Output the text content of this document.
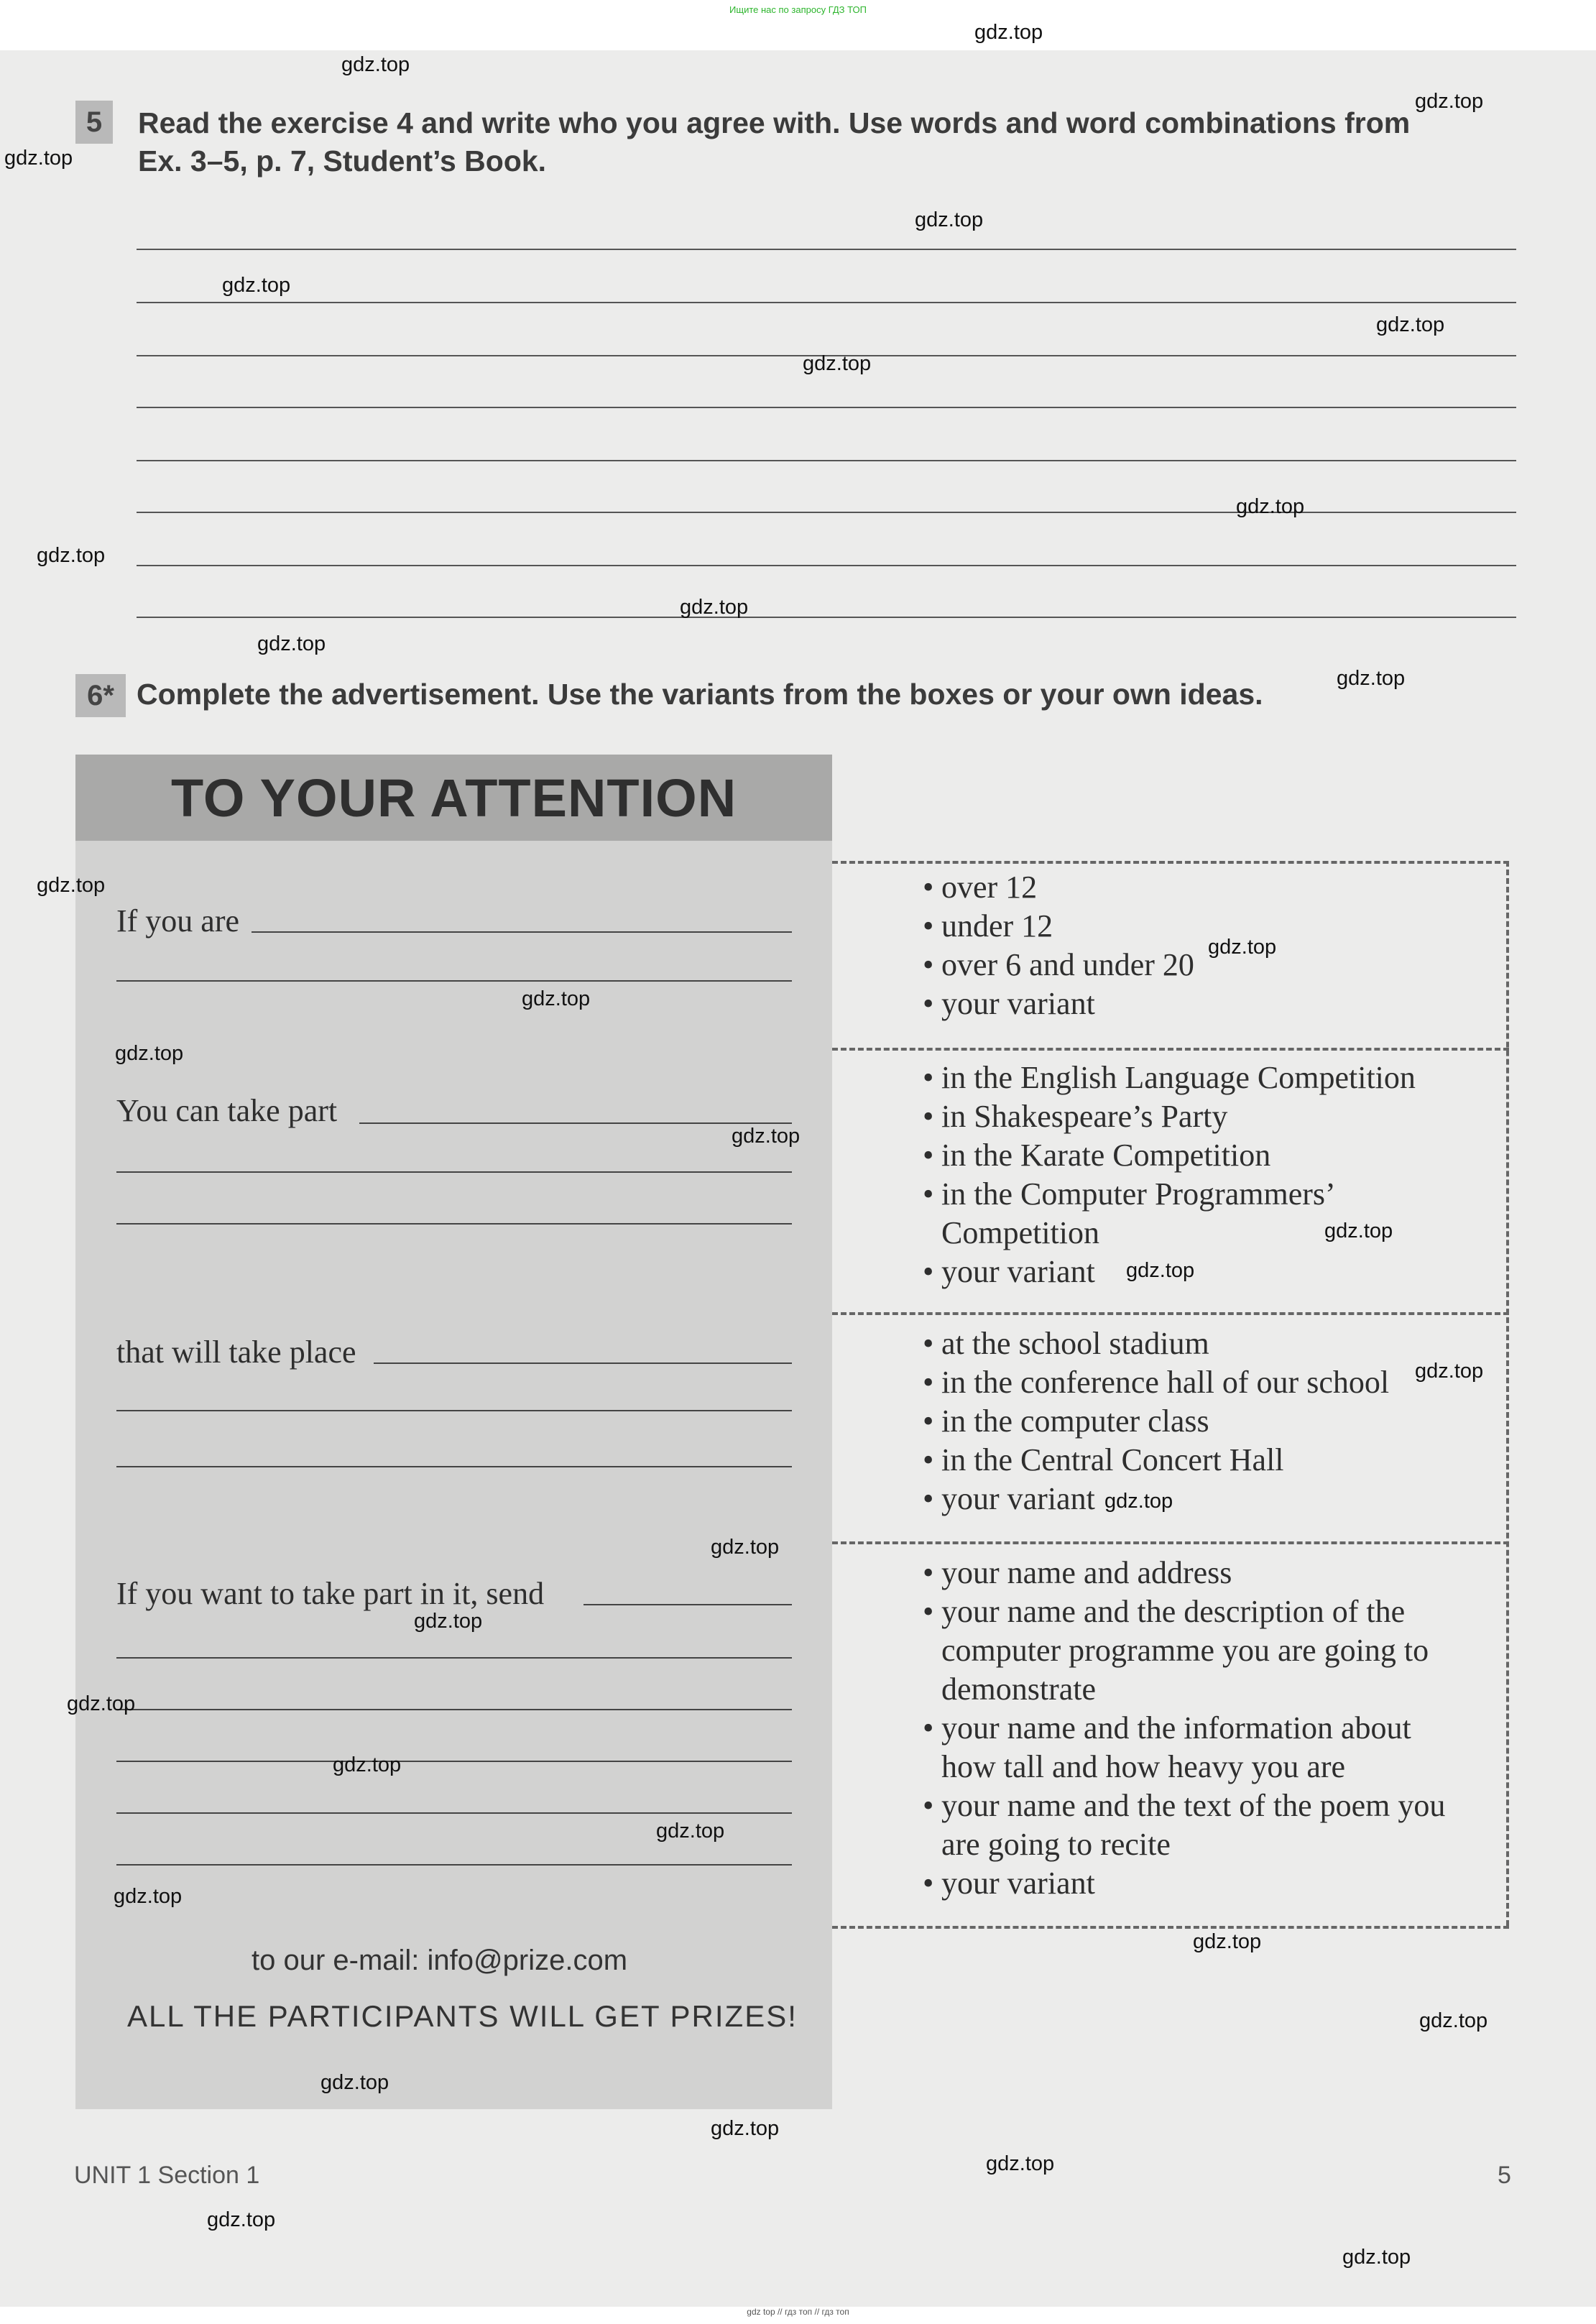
Ищите нас по запросу ГДЗ ТОП
5	Read the exercise 4 and write who you agree with. Use words and word combinations from
Ex. 3–5, p. 7, Student’s Book.
6* Complete the advertisement. Use the variants from the boxes or your own ideas.
TO YOUR ATTENTION
If you are
You can take part
that will take place
If you want to take part in it, send
• over 12
• under 12
• over 6 and under 20
• your variant
• in the English Language Competition
• in Shakespeare’s Party
• in the Karate Competition
• in the Computer Programmers’ Competition
• your variant
• at the school stadium
• in the conference hall of our school
• in the computer class
• in the Central Concert Hall
• your variant
• your name and address
• your name and the description of the computer programme you are going to demonstrate
• your name and the information about how tall and how heavy you are
• your name and the text of the poem you are going to recite
• your variant
to our e-mail: info@prize.com
ALL THE PARTICIPANTS WILL GET PRIZES!
UNIT 1 Section 1	5
gdz.top
gdz.top
gdz.top
gdz.top
gdz.top
gdz.top
gdz.top
gdz.top
gdz.top
gdz.top
gdz.top
gdz.top
gdz.top
gdz.top
gdz.top
gdz.top
gdz.top
gdz.top
gdz.top
gdz.top
gdz.top
gdz.top
gdz.top
gdz.top
gdz.top
gdz.top
gdz.top
gdz.top
gdz.top
gdz.top
gdz.top
gdz.top
gdz.top
gdz.top
gdz.top
gdz top // гдз топ // гдз топ
